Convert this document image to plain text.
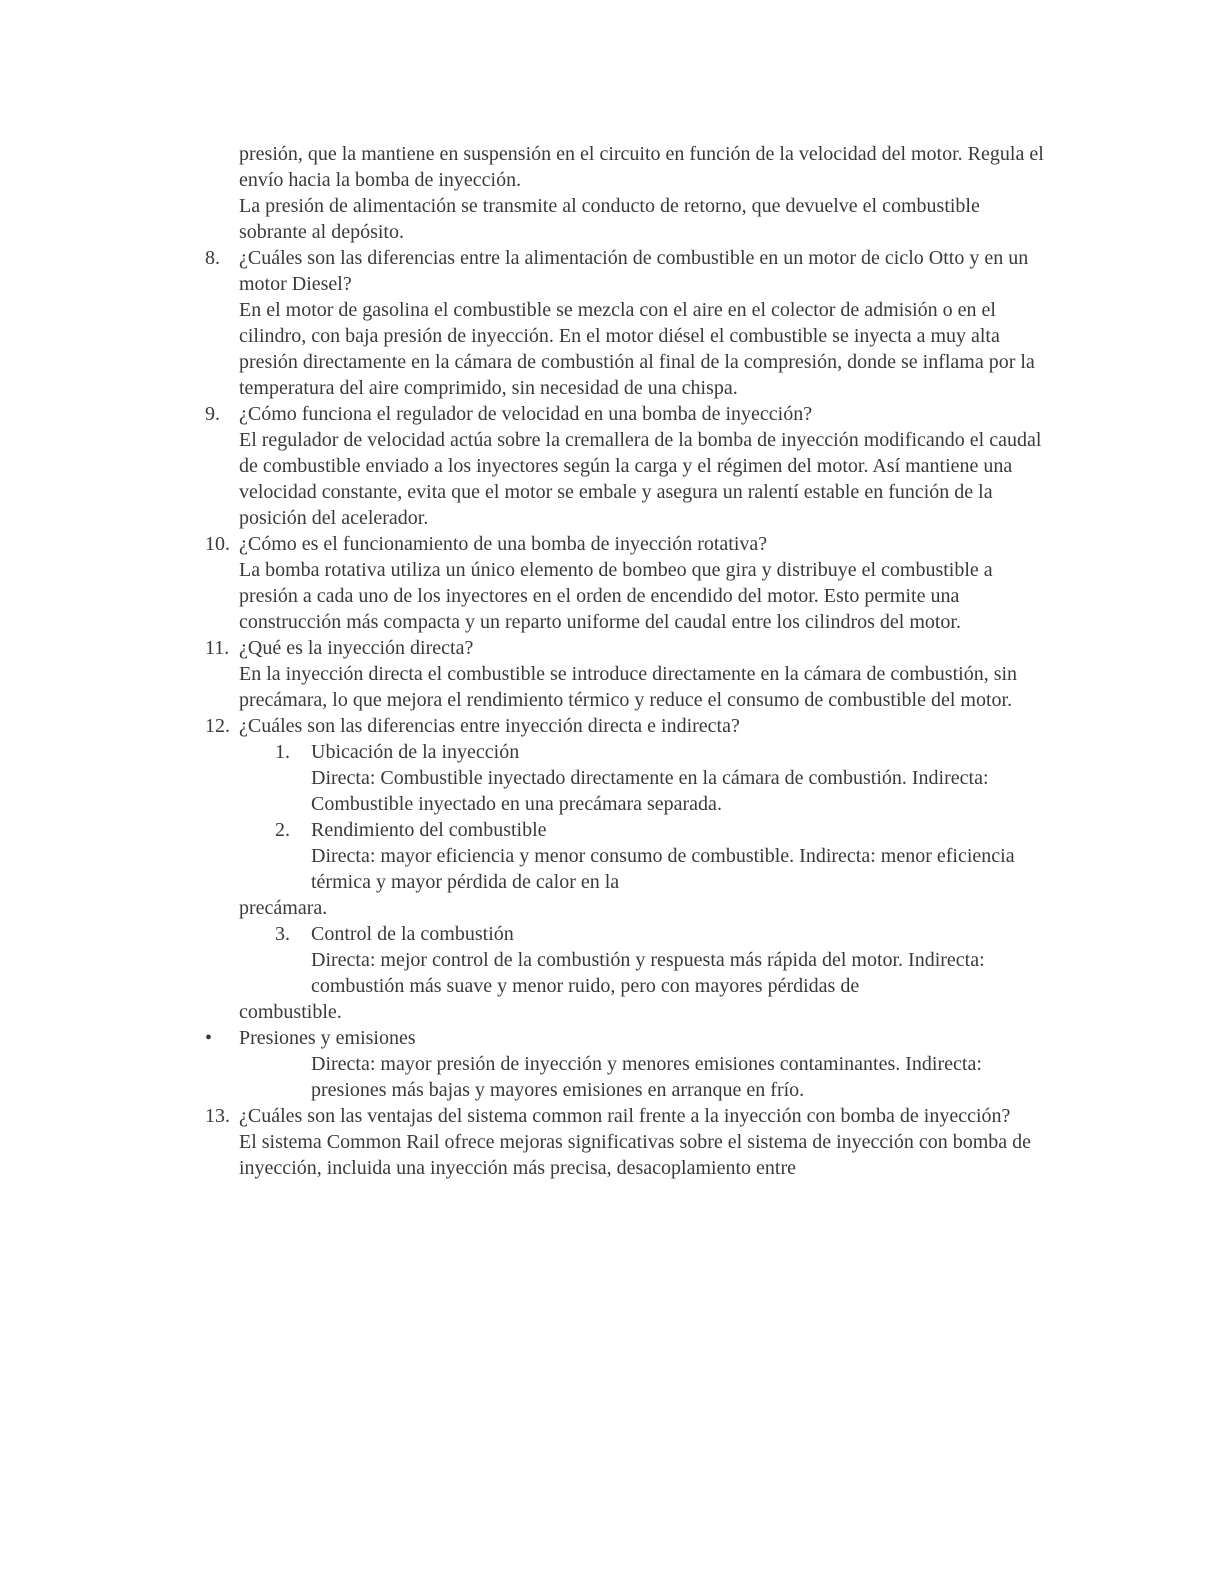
presión, que la mantiene en suspensión en el circuito en función de la velocidad del motor. Regula el envío hacia la bomba de inyección.

La presión de alimentación se transmite al conducto de retorno, que devuelve el combustible sobrante al depósito.

8. ¿Cuáles son las diferencias entre la alimentación de combustible en un motor de ciclo Otto y en un motor Diesel?

En el motor de gasolina el combustible se mezcla con el aire en el colector de admisión o en el cilindro, con baja presión de inyección. En el motor diésel el combustible se inyecta a muy alta presión directamente en la cámara de combustión al final de la compresión, donde se inflama por la temperatura del aire comprimido, sin necesidad de una chispa.

9. ¿Cómo funciona el regulador de velocidad en una bomba de inyección?

El regulador de velocidad actúa sobre la cremallera de la bomba de inyección modificando el caudal de combustible enviado a los inyectores según la carga y el régimen del motor. Así mantiene una velocidad constante, evita que el motor se embale y asegura un ralentí estable en función de la posición del acelerador.

10. ¿Cómo es el funcionamiento de una bomba de inyección rotativa?

La bomba rotativa utiliza un único elemento de bombeo que gira y distribuye el combustible a presión a cada uno de los inyectores en el orden de encendido del motor. Esto permite una construcción más compacta y un reparto uniforme del caudal entre los cilindros del motor.

11. ¿Qué es la inyección directa?

En la inyección directa el combustible se introduce directamente en la cámara de combustión, sin precámara, lo que mejora el rendimiento térmico y reduce el consumo de combustible del motor.

12. ¿Cuáles son las diferencias entre inyección directa e indirecta?

1. Ubicación de la inyección

Directa: Combustible inyectado directamente en la cámara de combustión. Indirecta: Combustible inyectado en una precámara separada.

2. Rendimiento del combustible

Directa: mayor eficiencia y menor consumo de combustible. Indirecta: menor eficiencia térmica y mayor pérdida de calor en la

precámara.

3. Control de la combustión

Directa: mejor control de la combustión y respuesta más rápida del motor. Indirecta: combustión más suave y menor ruido, pero con mayores pérdidas de

combustible.

• Presiones y emisiones

Directa: mayor presión de inyección y menores emisiones contaminantes. Indirecta: presiones más bajas y mayores emisiones en arranque en frío.

13. ¿Cuáles son las ventajas del sistema common rail frente a la inyección con bomba de inyección?

El sistema Common Rail ofrece mejoras significativas sobre el sistema de inyección con bomba de inyección, incluida una inyección más precisa, desacoplamiento entre
